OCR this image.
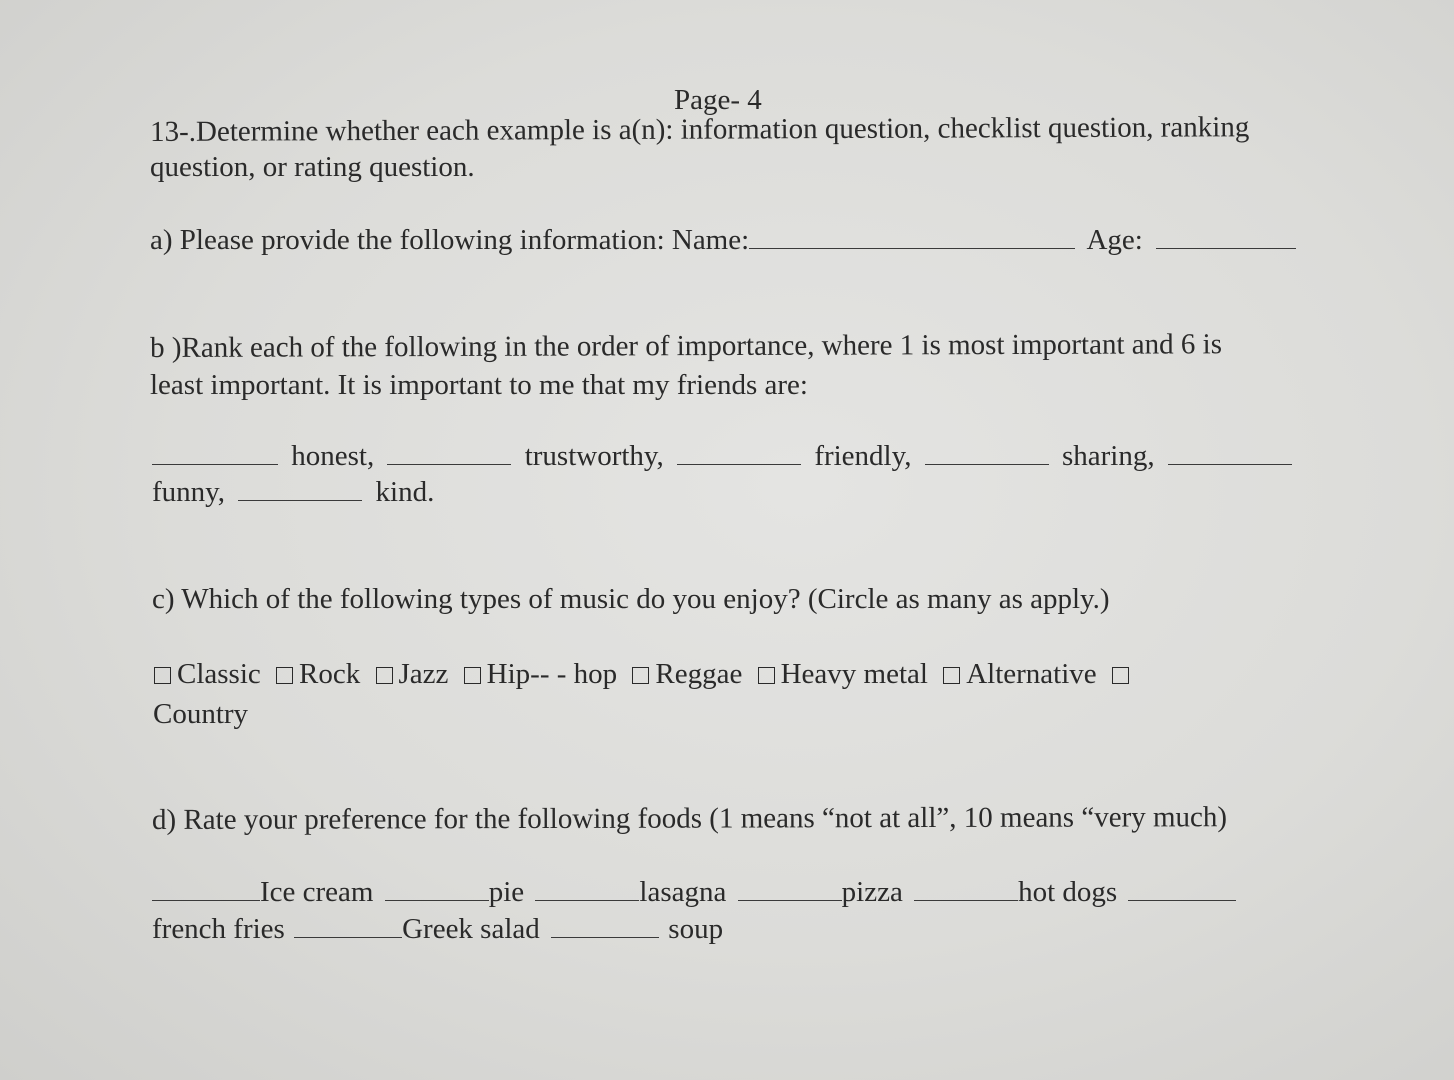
Page- 4
13-.Determine whether each example is a(n): information question, checklist question, ranking
question, or rating question.
a) Please provide the following information: Name:	Age:
b )Rank each of the following in the order of importance, where 1 is most important and 6 is
least important. It is important to me that my friends are:
honest,	trustworthy,	friendly,	sharing,
funny,	kind.
c) Which of the following types of music do you enjoy? (Circle as many as apply.)
Classic Rock Jazz Hip-- - hop Reggae Heavy metal Alternative
Country
d) Rate your preference for the following foods (1 means “not at all”, 10 means “very much)
Ice cream	pie	lasagna	pizza	hot dogs
french fries	Greek salad	soup
